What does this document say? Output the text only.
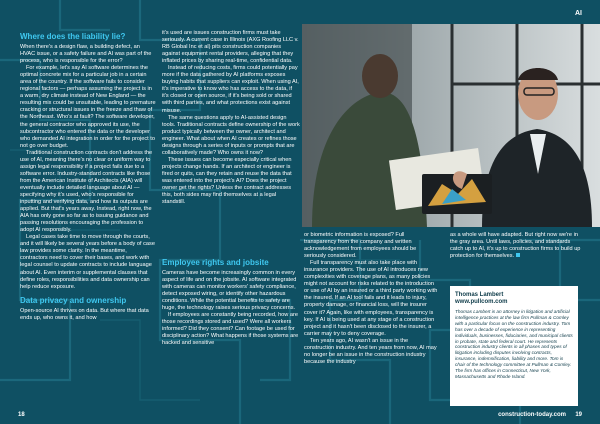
AI
Where does the liability lie?

When there's a design flaw, a building defect, an HVAC issue, or a safety failure and AI was part of the process, who is responsible for the error?

For example, let's say AI software determines the optimal concrete mix for a particular job in a certain area of the country. If the software fails to consider regional factors — perhaps assuming the project is in a warm, dry climate instead of New England — the resulting mix could be unsuitable, leading to premature cracking or structural issues in the freeze and thaw of the Northeast. Who's at fault? The software developer, the general contractor who approved its use, the subcontractor who entered the data or the developer who demanded AI integration in order for the project to not go over budget.

Traditional construction contracts don't address the use of AI, meaning there's no clear or uniform way to assign legal responsibility if a project fails due to a software error. Industry-standard contracts like those from the American Institute of Architects (AIA) will eventually include detailed language about AI — specifying why it's used, who's responsible for inputting and verifying data, and how its outputs are applied. But that's years away. Instead, right now, the AIA has only gone so far as to issuing guidance and passing resolutions encouraging the profession to adopt AI responsibly.

Legal cases take time to move through the courts, and it will likely be several years before a body of case law provides some clarity. In the meantime, contractors need to cover their bases, and work with legal counsel to update contracts to include language about AI. Even interim or supplemental clauses that define roles, responsibilities and data ownership can help reduce exposure.

Data privacy and ownership

Open-source AI thrives on data. But where that data ends up, who owns it, and how

it's used are issues construction firms must take seriously. A current case in Illinois (AXG Roofing LLC v. RB Global Inc et al) pits construction companies against equipment rental providers, alleging that they inflated prices by sharing real-time, confidential data.

Instead of reducing costs, firms could potentially pay more if the data gathered by AI platforms exposes buying habits that suppliers can exploit. When using AI, it's imperative to know who has access to the data, if it's closed or open source, if it's being sold or shared with third parties, and what protections exist against misuse.

The same questions apply to AI-assisted design tools. Traditional contracts define ownership of the work product typically between the owner, architect and engineer. What about when AI creates or refines those designs through a series of inputs or prompts that are collaboratively made? Who owns it now?

These issues can become especially critical when projects change hands. If an architect or engineer is fired or quits, can they retain and reuse the data that was entered into the project's AI? Does the project owner get the rights? Unless the contract addresses this, both sides may find themselves at a legal standstill.

Employee rights and jobsite

Cameras have become increasingly common in every aspect of life and on the jobsite. AI software integrated with cameras can monitor workers' safety compliance, detect exposed wiring, or identify other hazardous conditions. While the potential benefits to safety are huge, the technology raises serious privacy concerns.

If employees are constantly being recorded, how are those recordings stored and used? Were all workers informed? Did they consent? Can footage be used for disciplinary action? What happens if those systems are hacked and sensitive

or biometric information is exposed? Full transparency from the company and written acknowledgement from employees should be seriously considered.

Full transparency must also take place with insurance providers. The use of AI introduces new complexities with coverage plans, as many policies might not account for risks related to the introduction or use of AI by an insured or a third party working with the insured. If an AI tool fails and it leads to injury, property damage, or financial loss, will the insurer cover it? Again, like with employees, transparency is key. If AI is being used at any stage of a construction project and it hasn't been disclosed to the insurer, a carrier may try to deny coverage.

Ten years ago, AI wasn't an issue in the construction industry. And ten years from now, AI may no longer be an issue in the construction industry because the industry

as a whole will have adapted. But right now we're in the gray area. Until laws, policies, and standards catch up to AI, it's up to construction firms to build up protection for themselves.

Thomas Lambert
www.pullcom.com
Thomas Lambert is an attorney in litigation and artificial intelligence practices at the law firm Pullman & Comley with a particular focus on the construction industry. Tom has over a decade of experience in representing individuals, businesses, fiduciaries, and municipal clients in probate, state and federal court. He represents construction industry clients in all phases and types of litigation including disputes involving contracts, insurance, indemnification, liability and more. Tom is chair of the technology committee at Pullman & Comley. The firm has offices in Connecticut, New York, Massachusetts and Rhode Island.
18	construction-today.com 19
